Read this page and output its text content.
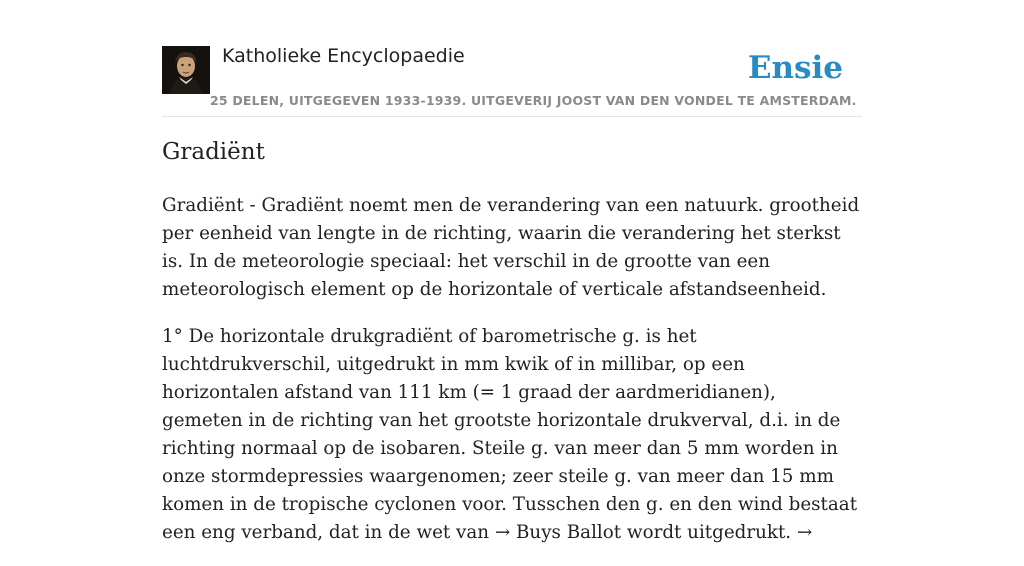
Katholieke Encyclopaedie	Ensie
25 DELEN, UITGEGEVEN 1933-1939. UITGEVERIJ JOOST VAN DEN VONDEL TE AMSTERDAM.
Gradiënt

Gradiënt - Gradiënt noemt men de verandering van een natuurk. grootheid per eenheid van lengte in de richting, waarin die verandering het sterkst is. In de meteorologie speciaal: het verschil in de grootte van een meteorologisch element op de horizontale of verticale afstandseenheid.

1° De horizontale drukgradiënt of barometrische g. is het luchtdrukverschil, uitgedrukt in mm kwik of in millibar, op een horizontalen afstand van 111 km (= 1 graad der aardmeridianen), gemeten in de richting van het grootste horizontale drukverval, d.i. in de richting normaal op de isobaren. Steile g. van meer dan 5 mm worden in onze stormdepressies waargenomen; zeer steile g. van meer dan 15 mm komen in de tropische cyclonen voor. Tusschen den g. en den wind bestaat een eng verband, dat in de wet van → Buys Ballot wordt uitgedrukt. →
